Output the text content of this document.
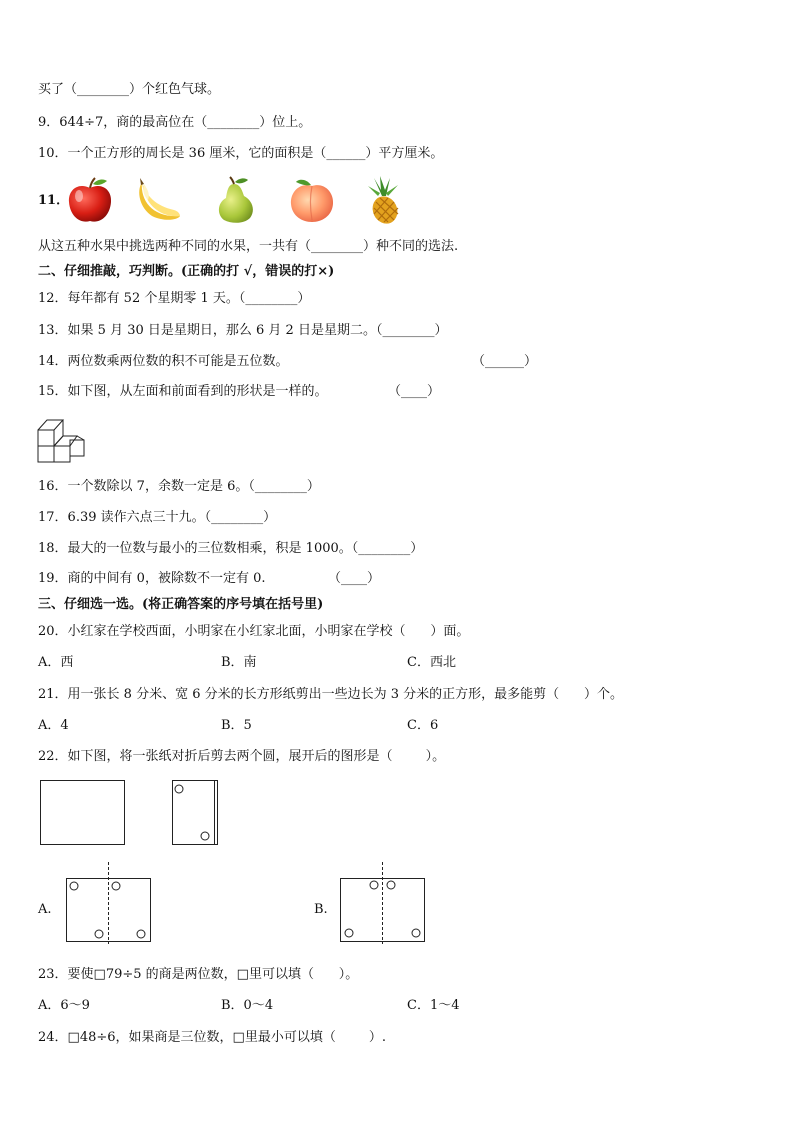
买了（________）个红色气球。
9．644÷7，商的最高位在（________）位上。
10．一个正方形的周长是 36 厘米，它的面积是（______）平方厘米。
11．
从这五种水果中挑选两种不同的水果，一共有（________）种不同的选法.
二、仔细推敲，巧判断。(正确的打 √，错误的打×)
12．每年都有 52 个星期零 1 天。（________）
13．如果 5 月 30 日是星期日，那么 6 月 2 日是星期二。（________）
14．两位数乘两位数的积不可能是五位数。	（______）
15．如下图，从左面和前面看到的形状是一样的。	（____）
16．一个数除以 7，余数一定是 6。（________）
17．6.39 读作六点三十九。（________）
18．最大的一位数与最小的三位数相乘，积是 1000。（________）
19．商的中间有 0，被除数不一定有 0.	（____）
三、仔细选一选。(将正确答案的序号填在括号里)
20．小红家在学校西面，小明家在小红家北面，小明家在学校（      ）面。
A．西	B．南	C．西北
21．用一张长 8 分米、宽 6 分米的长方形纸剪出一些边长为 3 分米的正方形，最多能剪（      ）个。
A．4	B．5	C．6
22．如下图，将一张纸对折后剪去两个圆，展开后的图形是（        ）。
A.	B.
23．要使□79÷5 的商是两位数，□里可以填（      ）。
A．6～9	B．0～4	C．1～4
24．□48÷6，如果商是三位数，□里最小可以填（        ）.
